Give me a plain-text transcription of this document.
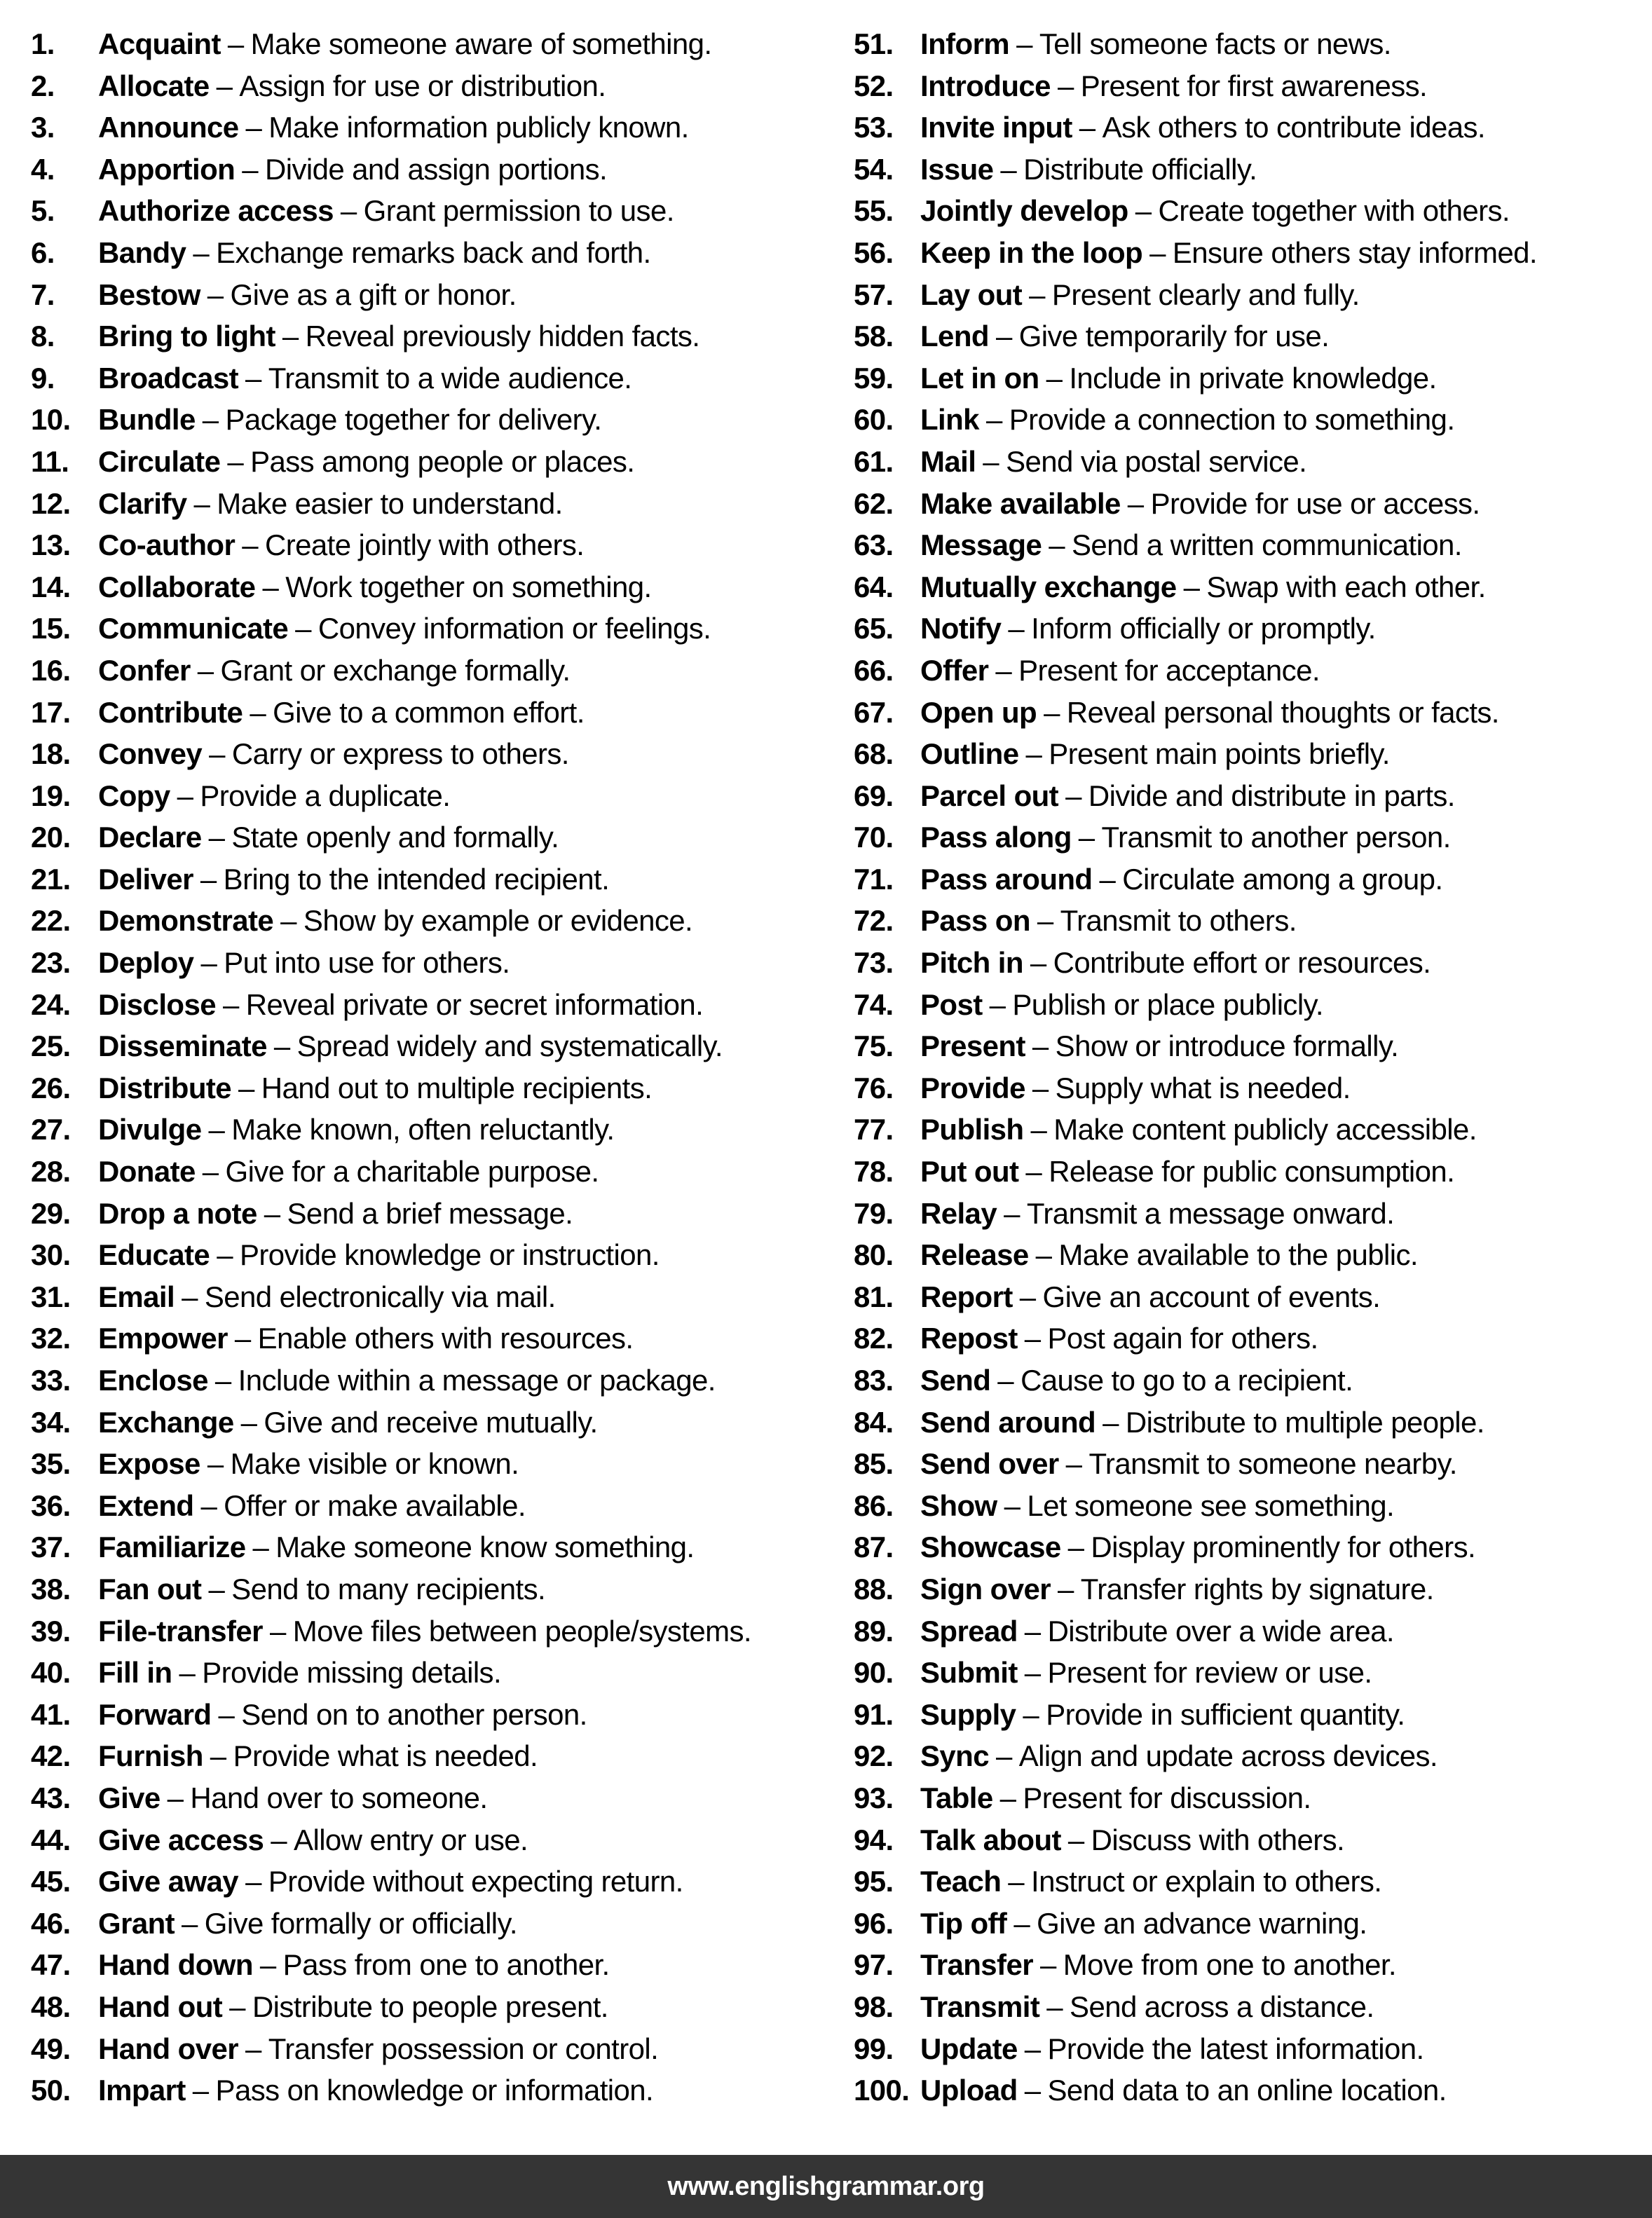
1.	Acquaint – Make someone aware of something.
2.	Allocate – Assign for use or distribution.
3.	Announce – Make information publicly known.
4.	Apportion – Divide and assign portions.
5.	Authorize access – Grant permission to use.
6.	Bandy – Exchange remarks back and forth.
7.	Bestow – Give as a gift or honor.
8.	Bring to light – Reveal previously hidden facts.
9.	Broadcast – Transmit to a wide audience.
10. Bundle – Package together for delivery.
11. Circulate – Pass among people or places.
12. Clarify – Make easier to understand.
13. Co-author – Create jointly with others.
14. Collaborate – Work together on something.
15. Communicate – Convey information or feelings.
16. Confer – Grant or exchange formally.
17. Contribute – Give to a common effort.
18. Convey – Carry or express to others.
19. Copy – Provide a duplicate.
20. Declare – State openly and formally.
21. Deliver – Bring to the intended recipient.
22. Demonstrate – Show by example or evidence.
23. Deploy – Put into use for others.
24. Disclose – Reveal private or secret information.
25. Disseminate – Spread widely and systematically.
26. Distribute – Hand out to multiple recipients.
27. Divulge – Make known, often reluctantly.
28. Donate – Give for a charitable purpose.
29. Drop a note – Send a brief message.
30. Educate – Provide knowledge or instruction.
31. Email – Send electronically via mail.
32. Empower – Enable others with resources.
33. Enclose – Include within a message or package.
34. Exchange – Give and receive mutually.
35. Expose – Make visible or known.
36. Extend – Offer or make available.
37. Familiarize – Make someone know something.
38. Fan out – Send to many recipients.
39. File-transfer – Move files between people/systems.
40. Fill in – Provide missing details.
41. Forward – Send on to another person.
42. Furnish – Provide what is needed.
43. Give – Hand over to someone.
44. Give access – Allow entry or use.
45. Give away – Provide without expecting return.
46. Grant – Give formally or officially.
47. Hand down – Pass from one to another.
48. Hand out – Distribute to people present.
49. Hand over – Transfer possession or control.
50. Impart – Pass on knowledge or information.
51. Inform – Tell someone facts or news.
52. Introduce – Present for first awareness.
53. Invite input – Ask others to contribute ideas.
54. Issue – Distribute officially.
55. Jointly develop – Create together with others.
56. Keep in the loop – Ensure others stay informed.
57. Lay out – Present clearly and fully.
58. Lend – Give temporarily for use.
59. Let in on – Include in private knowledge.
60. Link – Provide a connection to something.
61. Mail – Send via postal service.
62. Make available – Provide for use or access.
63. Message – Send a written communication.
64. Mutually exchange – Swap with each other.
65. Notify – Inform officially or promptly.
66. Offer – Present for acceptance.
67. Open up – Reveal personal thoughts or facts.
68. Outline – Present main points briefly.
69. Parcel out – Divide and distribute in parts.
70. Pass along – Transmit to another person.
71. Pass around – Circulate among a group.
72. Pass on – Transmit to others.
73. Pitch in – Contribute effort or resources.
74. Post – Publish or place publicly.
75. Present – Show or introduce formally.
76. Provide – Supply what is needed.
77. Publish – Make content publicly accessible.
78. Put out – Release for public consumption.
79. Relay – Transmit a message onward.
80. Release – Make available to the public.
81. Report – Give an account of events.
82. Repost – Post again for others.
83. Send – Cause to go to a recipient.
84. Send around – Distribute to multiple people.
85. Send over – Transmit to someone nearby.
86. Show – Let someone see something.
87. Showcase – Display prominently for others.
88. Sign over – Transfer rights by signature.
89. Spread – Distribute over a wide area.
90. Submit – Present for review or use.
91. Supply – Provide in sufficient quantity.
92. Sync – Align and update across devices.
93. Table – Present for discussion.
94. Talk about – Discuss with others.
95. Teach – Instruct or explain to others.
96. Tip off – Give an advance warning.
97. Transfer – Move from one to another.
98. Transmit – Send across a distance.
99. Update – Provide the latest information.
100. Upload – Send data to an online location.
www.englishgrammar.org
